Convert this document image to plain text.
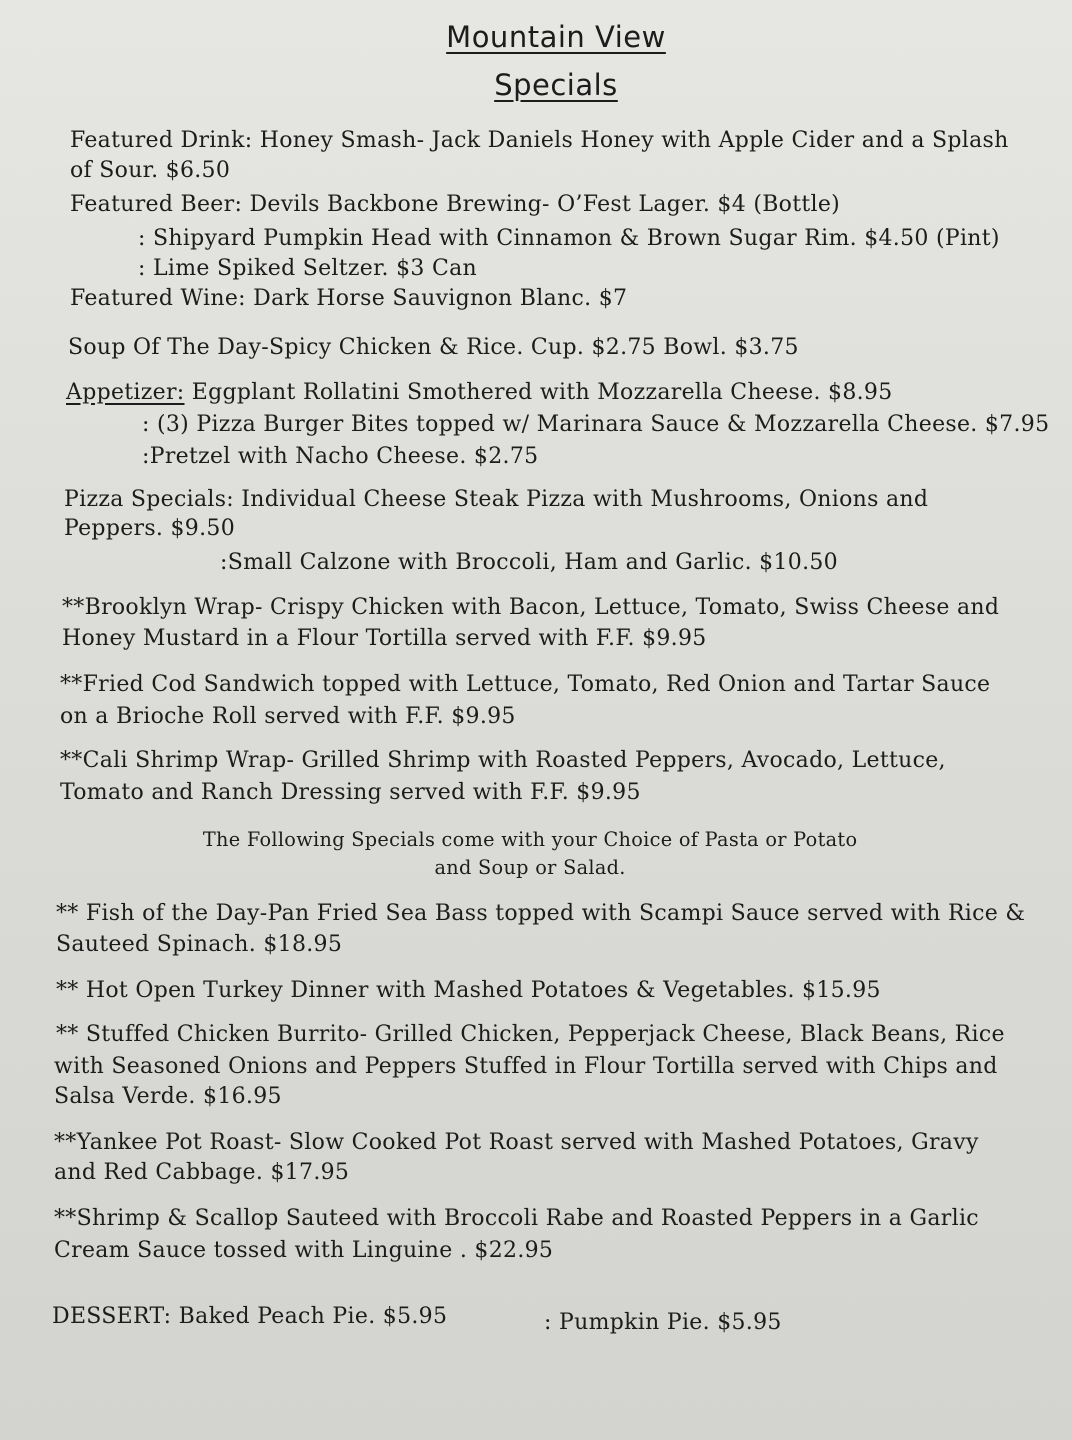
Mountain View
Specials
Featured Drink: Honey Smash- Jack Daniels Honey with Apple Cider and a Splash
of Sour. $6.50
Featured Beer: Devils Backbone Brewing- O’Fest Lager. $4 (Bottle)
: Shipyard Pumpkin Head with Cinnamon & Brown Sugar Rim. $4.50 (Pint)
: Lime Spiked Seltzer. $3 Can
Featured Wine: Dark Horse Sauvignon Blanc. $7
Soup Of The Day-Spicy Chicken & Rice. Cup. $2.75 Bowl. $3.75
Appetizer: Eggplant Rollatini Smothered with Mozzarella Cheese. $8.95
: (3) Pizza Burger Bites topped w/ Marinara Sauce & Mozzarella Cheese. $7.95
:Pretzel with Nacho Cheese. $2.75
Pizza Specials: Individual Cheese Steak Pizza with Mushrooms, Onions and
Peppers. $9.50
:Small Calzone with Broccoli, Ham and Garlic. $10.50
**Brooklyn Wrap- Crispy Chicken with Bacon, Lettuce, Tomato, Swiss Cheese and
Honey Mustard in a Flour Tortilla served with F.F. $9.95
**Fried Cod Sandwich topped with Lettuce, Tomato, Red Onion and Tartar Sauce
on a Brioche Roll served with F.F. $9.95
**Cali Shrimp Wrap- Grilled Shrimp with Roasted Peppers, Avocado, Lettuce,
Tomato and Ranch Dressing served with F.F. $9.95
The Following Specials come with your Choice of Pasta or Potato
and Soup or Salad.
** Fish of the Day-Pan Fried Sea Bass topped with Scampi Sauce served with Rice &
Sauteed Spinach. $18.95
** Hot Open Turkey Dinner with Mashed Potatoes & Vegetables. $15.95
** Stuffed Chicken Burrito- Grilled Chicken, Pepperjack Cheese, Black Beans, Rice
with Seasoned Onions and Peppers Stuffed in Flour Tortilla served with Chips and
Salsa Verde. $16.95
**Yankee Pot Roast- Slow Cooked Pot Roast served with Mashed Potatoes, Gravy
and Red Cabbage. $17.95
**Shrimp & Scallop Sauteed with Broccoli Rabe and Roasted Peppers in a Garlic
Cream Sauce tossed with Linguine . $22.95
DESSERT: Baked Peach Pie. $5.95	: Pumpkin Pie. $5.95
